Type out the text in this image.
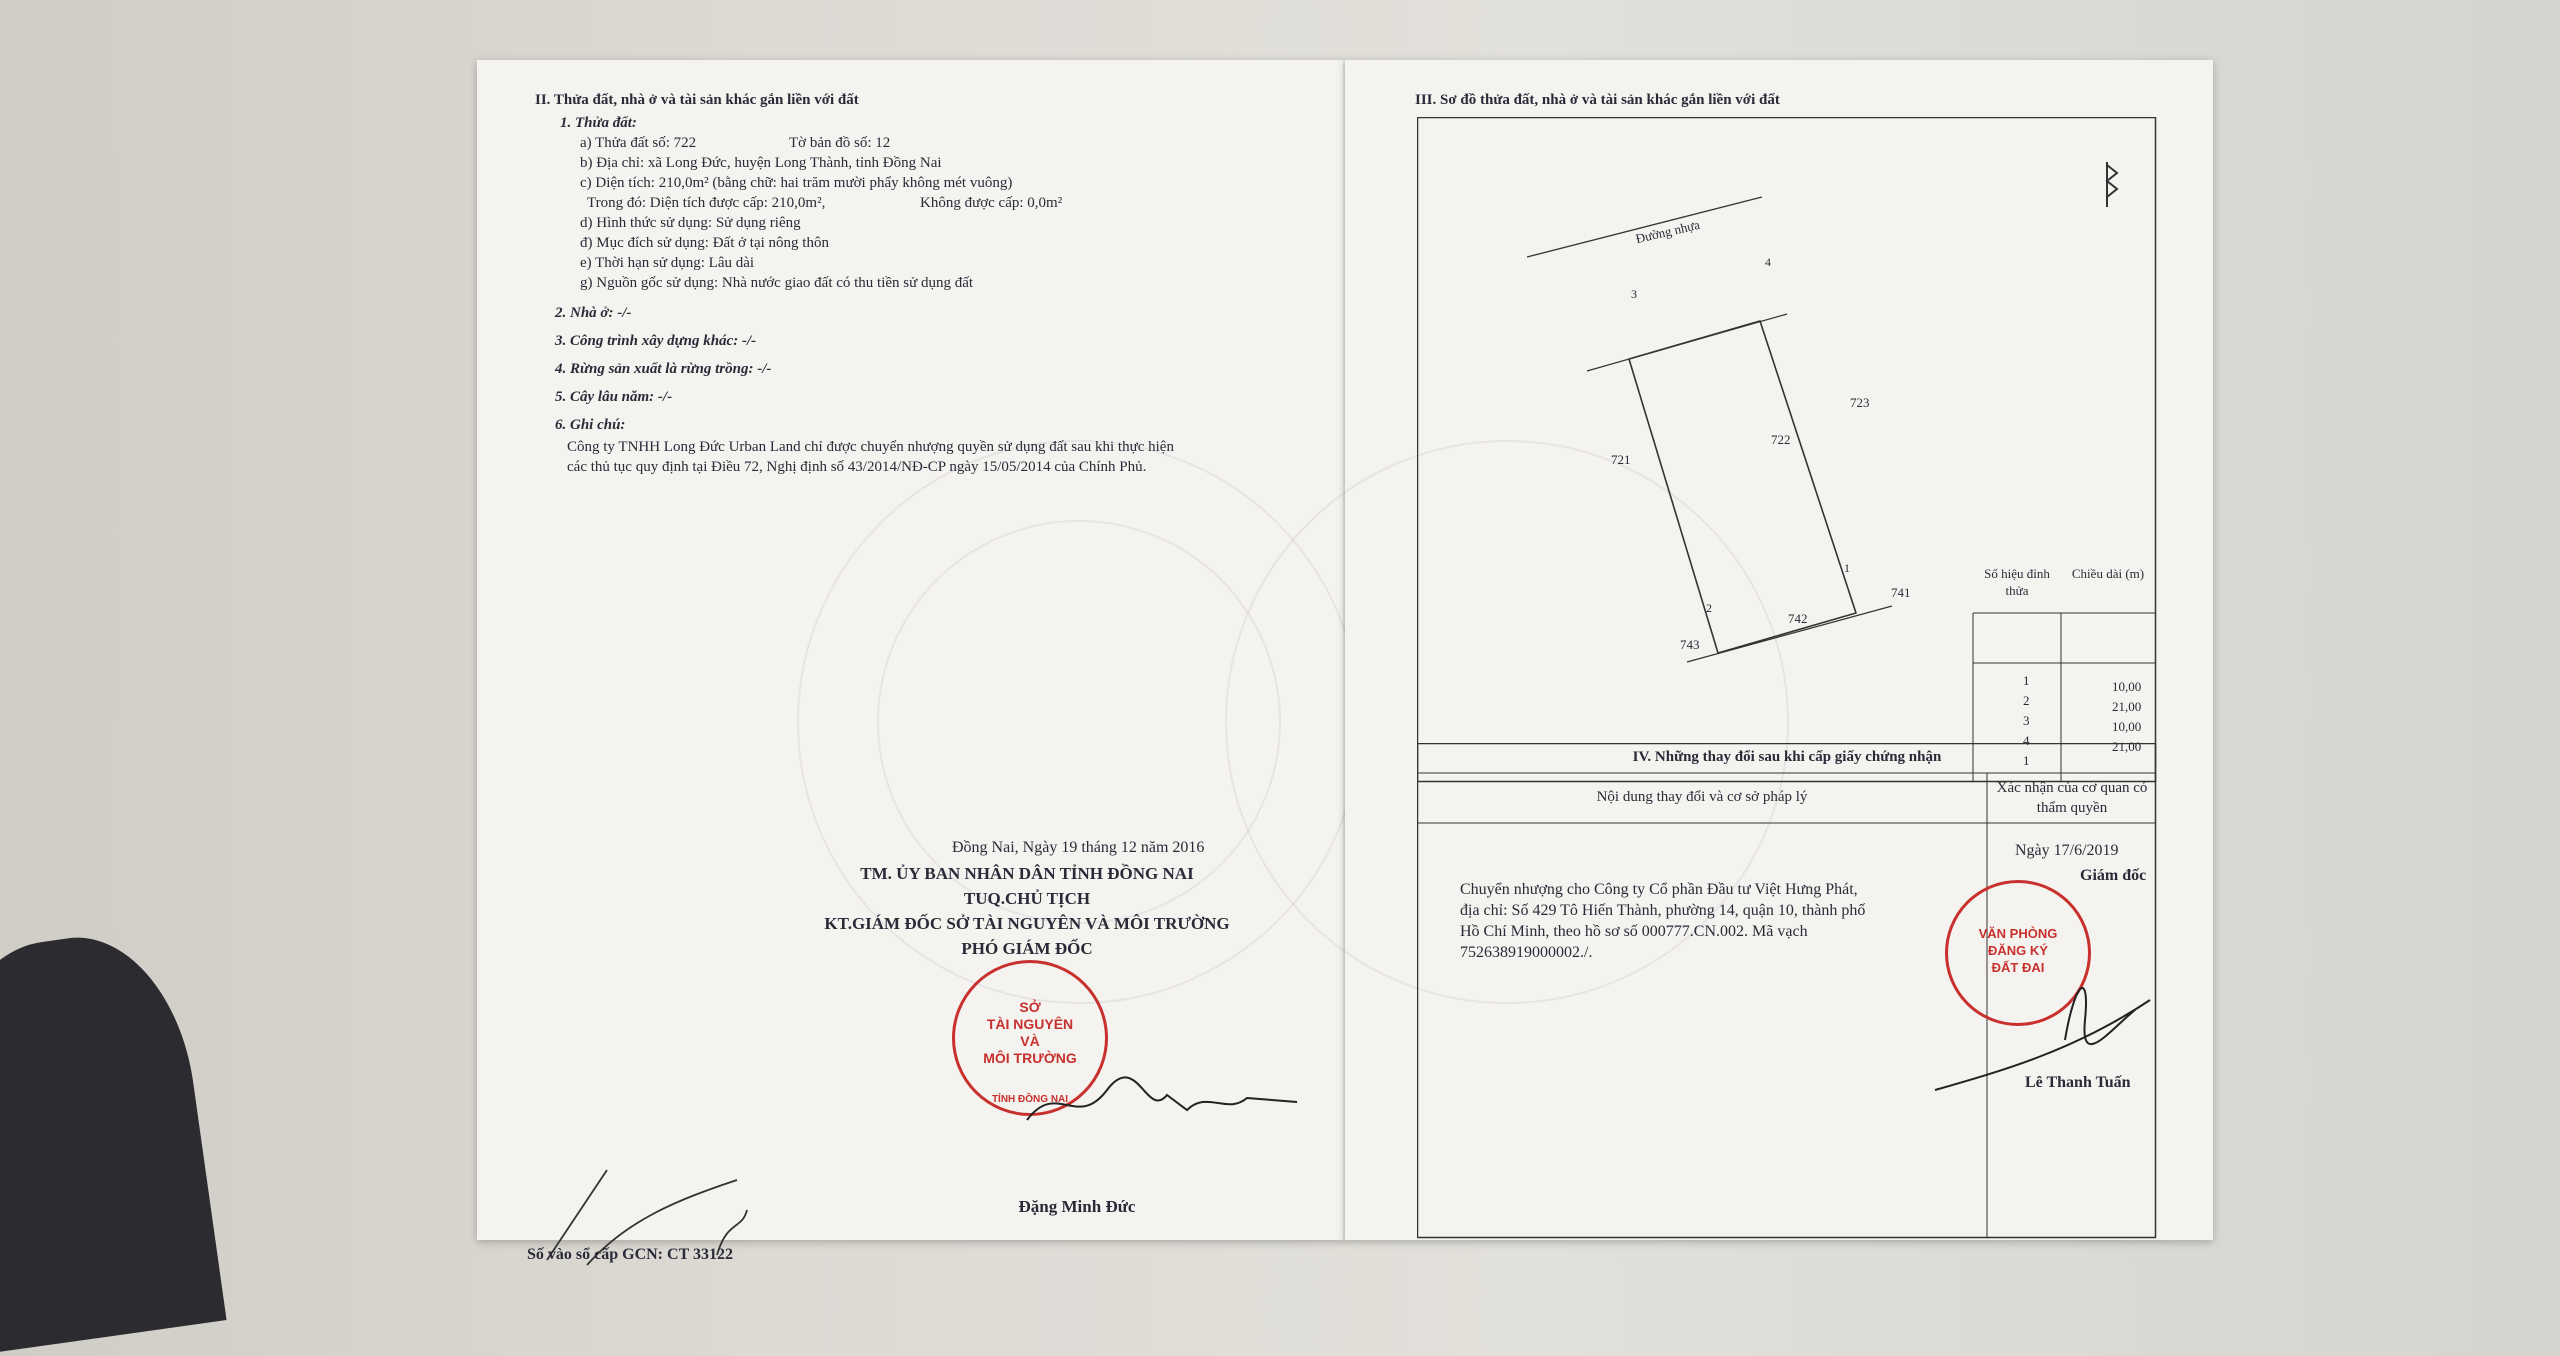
II. Thửa đất, nhà ở và tài sản khác gắn liền với đất
1. Thửa đất:
a) Thửa đất số: 722	Tờ bản đồ số: 12
b) Địa chỉ: xã Long Đức, huyện Long Thành, tỉnh Đồng Nai
c) Diện tích: 210,0m² (bằng chữ: hai trăm mười phẩy không mét vuông)
Trong đó: Diện tích được cấp: 210,0m²,	Không được cấp: 0,0m²
d) Hình thức sử dụng: Sử dụng riêng
đ) Mục đích sử dụng: Đất ở tại nông thôn
e) Thời hạn sử dụng: Lâu dài
g) Nguồn gốc sử dụng: Nhà nước giao đất có thu tiền sử dụng đất
2. Nhà ở: -/-
3. Công trình xây dựng khác: -/-
4. Rừng sản xuất là rừng trồng: -/-
5. Cây lâu năm: -/-
6. Ghi chú:
Công ty TNHH Long Đức Urban Land chỉ được chuyển nhượng quyền sử dụng đất sau khi thực hiện
các thủ tục quy định tại Điều 72, Nghị định số 43/2014/NĐ-CP ngày 15/05/2014 của Chính Phủ.
Đồng Nai, Ngày 19 tháng 12 năm 2016
TM. ỦY BAN NHÂN DÂN TỈNH ĐỒNG NAI
TUQ.CHỦ TỊCH
KT.GIÁM ĐỐC SỞ TÀI NGUYÊN VÀ MÔI TRƯỜNG
PHÓ GIÁM ĐỐC
TỈNH ĐỒNG NAI
SỞ
TÀI NGUYÊN
VÀ
MÔI TRƯỜNG
Đặng Minh Đức
Số vào sổ cấp GCN: CT 33122
III. Sơ đồ thửa đất, nhà ở và tài sản khác gắn liền với đất
Đường nhựa
722
721
723
741
742
743
1
2
3
4
Số hiệu đỉnh thửa
Chiều dài (m)
1	10,00
2	21,00
3	10,00
4	21,00
1
IV. Những thay đổi sau khi cấp giấy chứng nhận
Nội dung thay đổi và cơ sở pháp lý
Xác nhận của cơ quan có thẩm quyền
Chuyển nhượng cho Công ty Cổ phần Đầu tư Việt Hưng Phát,
địa chỉ: Số 429 Tô Hiến Thành, phường 14, quận 10, thành phố
Hồ Chí Minh, theo hồ sơ số 000777.CN.002. Mã vạch
752638919000002./.
Ngày 17/6/2019
Giám đốc
VĂN PHÒNG
ĐĂNG KÝ
ĐẤT ĐAI
Lê Thanh Tuấn
